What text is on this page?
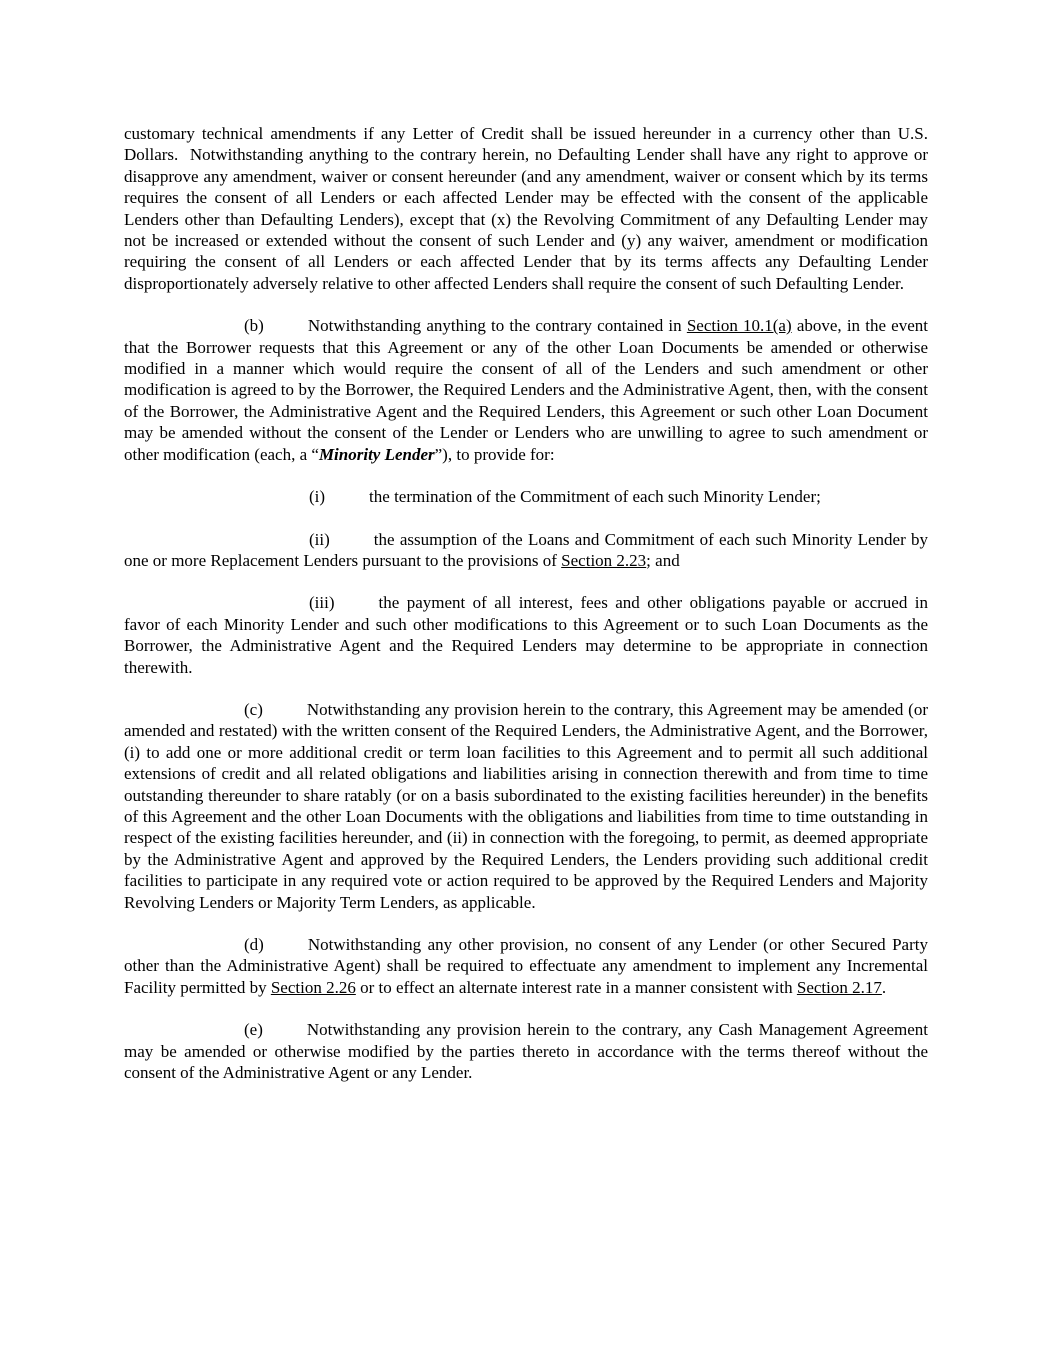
customary technical amendments if any Letter of Credit shall be issued hereunder in a currency other than U.S. Dollars.  Notwithstanding anything to the contrary herein, no Defaulting Lender shall have any right to approve or disapprove any amendment, waiver or consent hereunder (and any amendment, waiver or consent which by its terms requires the consent of all Lenders or each affected Lender may be effected with the consent of the applicable Lenders other than Defaulting Lenders), except that (x) the Revolving Commitment of any Defaulting Lender may not be increased or extended without the consent of such Lender and (y) any waiver, amendment or modification requiring the consent of all Lenders or each affected Lender that by its terms affects any Defaulting Lender disproportionately adversely relative to other affected Lenders shall require the consent of such Defaulting Lender.

(b)	Notwithstanding anything to the contrary contained in Section 10.1(a) above, in the event that the Borrower requests that this Agreement or any of the other Loan Documents be amended or otherwise modified in a manner which would require the consent of all of the Lenders and such amendment or other modification is agreed to by the Borrower, the Required Lenders and the Administrative Agent, then, with the consent of the Borrower, the Administrative Agent and the Required Lenders, this Agreement or such other Loan Document may be amended without the consent of the Lender or Lenders who are unwilling to agree to such amendment or other modification (each, a “Minority Lender”), to provide for:

(i)	the termination of the Commitment of each such Minority Lender;

(ii)	the assumption of the Loans and Commitment of each such Minority Lender by one or more Replacement Lenders pursuant to the provisions of Section 2.23; and

(iii)	the payment of all interest, fees and other obligations payable or accrued in favor of each Minority Lender and such other modifications to this Agreement or to such Loan Documents as the Borrower, the Administrative Agent and the Required Lenders may determine to be appropriate in connection therewith.

(c)	Notwithstanding any provision herein to the contrary, this Agreement may be amended (or amended and restated) with the written consent of the Required Lenders, the Administrative Agent, and the Borrower, (i) to add one or more additional credit or term loan facilities to this Agreement and to permit all such additional extensions of credit and all related obligations and liabilities arising in connection therewith and from time to time outstanding thereunder to share ratably (or on a basis subordinated to the existing facilities hereunder) in the benefits of this Agreement and the other Loan Documents with the obligations and liabilities from time to time outstanding in respect of the existing facilities hereunder, and (ii) in connection with the foregoing, to permit, as deemed appropriate by the Administrative Agent and approved by the Required Lenders, the Lenders providing such additional credit facilities to participate in any required vote or action required to be approved by the Required Lenders and Majority Revolving Lenders or Majority Term Lenders, as applicable.

(d)	Notwithstanding any other provision, no consent of any Lender (or other Secured Party other than the Administrative Agent) shall be required to effectuate any amendment to implement any Incremental Facility permitted by Section 2.26 or to effect an alternate interest rate in a manner consistent with Section 2.17.

(e)	Notwithstanding any provision herein to the contrary, any Cash Management Agreement may be amended or otherwise modified by the parties thereto in accordance with the terms thereof without the consent of the Administrative Agent or any Lender.
